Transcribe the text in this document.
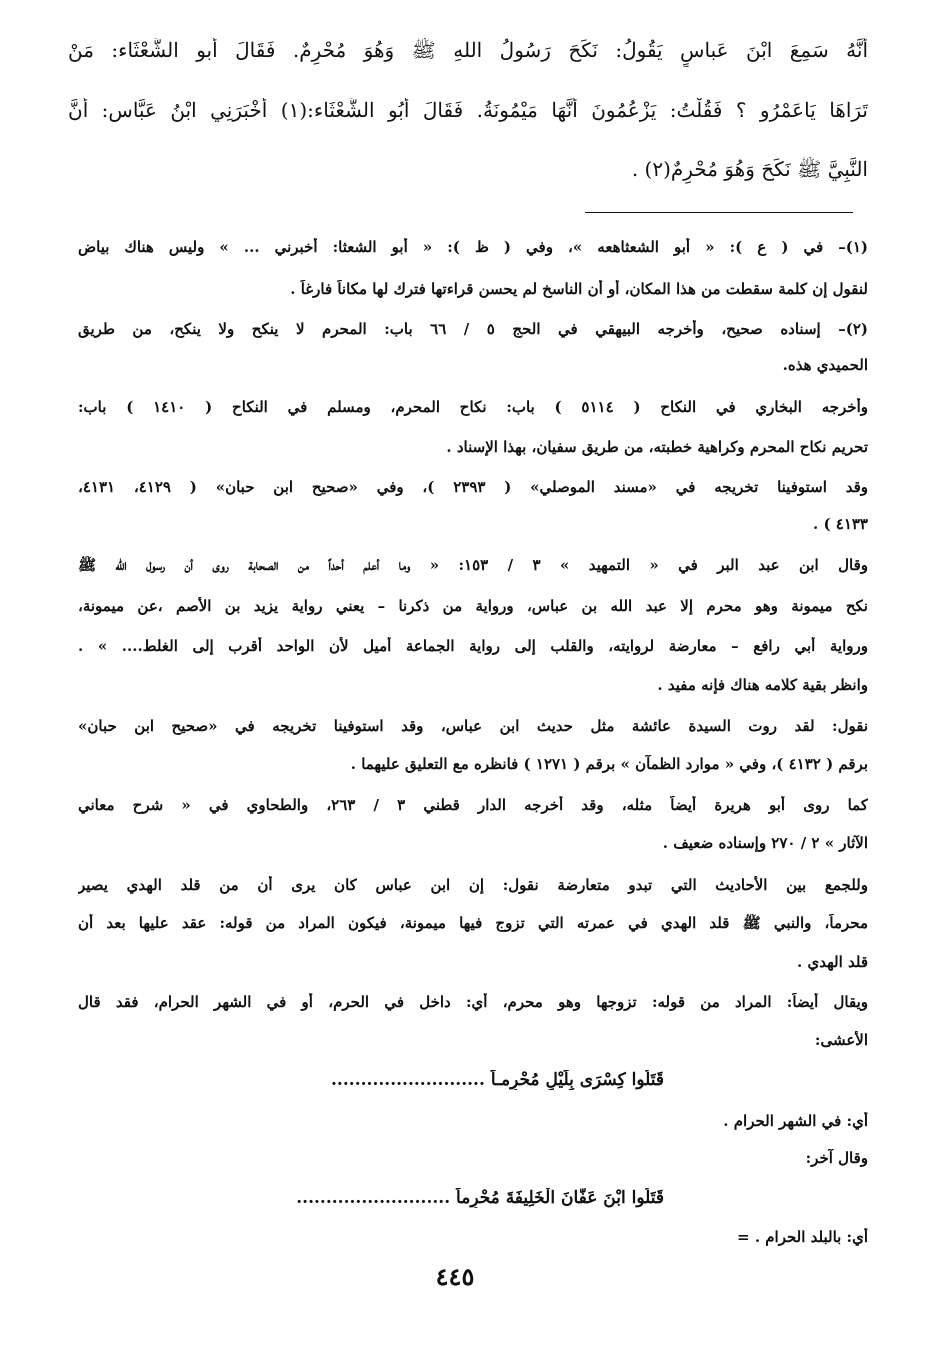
أَنَّهُ سَمِعَ ابْنَ عَباسٍ يَقُولُ: نَكَحَ رَسُولُ اللهِ ﷺ وَهُوَ مُحْرِمٌ. فَقَالَ أَبو الشَّعْثَاء: مَنْ
تَرَاهَا يَاعَمْرُو ؟ فَقُلْتُ: يَزْعُمُونَ أَنَّهَا مَيْمُونَةُ. فَقَالَ أَبُو الشَّعْثَاء:(١) أَخْبَرَنِي ابْنُ عَبَّاسٍ: أَنَّ
النَّبِيَّ ﷺ نَكَحَ وَهُوَ مُحْرِمٌ(٢) .
(١)– في ( ع ): « أبو الشعثاهعه »، وفي ( ظ ): « أبو الشعثا: أخبرني ... » وليس هناك بياض
لنقول إن كلمة سقطت من هذا المكان، أو أن الناسخ لم يحسن قراءتها فترك لها مكاناً فارغاً .
(٢)– إسناده صحيح، وأخرجه البيهقي في الحج ٥ / ٦٦ باب: المحرم لا ينكح ولا ينكح، من طريق
الحميدي هذه.
وأخرجه البخاري في النكاح ( ٥١١٤ ) باب: نكاح المحرم، ومسلم في النكاح ( ١٤١٠ ) باب:
تحريم نكاح المحرم وكراهية خطبته، من طريق سفيان، بهذا الإسناد .
وقد استوفينا تخريجه في «مسند الموصلي» ( ٢٣٩٣ )، وفي «صحيح ابن حبان» ( ٤١٢٩، ٤١٣١،
٤١٣٣ ) .
وقال ابن عبد البر في « التمهيد » ٣ / ١٥٣: « وما أعلم أحداً من الصحابة روى أن رسول الله ﷺ
نكح ميمونة وهو محرم إلا عبد الله بن عباس، ورواية من ذكرنا – يعني رواية يزيد بن الأصم ،عن ميمونة،
ورواية أبي رافع – معارضة لروايته، والقلب إلى رواية الجماعة أميل لأن الواحد أقرب إلى الغلط.... » .
وانظر بقية كلامه هناك فإنه مفيد .
نقول: لقد روت السيدة عائشة مثل حديث ابن عباس، وقد استوفينا تخريجه في «صحيح ابن حبان»
برقم ( ٤١٣٢ )، وفي « موارد الظمآن » برقم ( ١٢٧١ ) فانظره مع التعليق عليهما .
كما روى أبو هريرة أيضاً مثله، وقد أخرجه الدار قطني ٣ / ٢٦٣، والطحاوي في « شرح معاني
الآثار » ٢ / ٢٧٠ وإسناده ضعيف .
وللجمع بين الأحاديث التي تبدو متعارضة نقول: إن ابن عباس كان يرى أن من قلد الهدي يصير
محرماً، والنبي ﷺ قلد الهدي في عمرته التي تزوج فيها ميمونة، فيكون المراد من قوله: عقد عليها بعد أن
قلد الهدي .
ويقال أيضاً: المراد من قوله: تزوجها وهو محرم، أي: داخل في الحرم، أو في الشهر الحرام، فقد قال
الأعشى:
قَتَلُوا كِسْرَى بِلَيْلٍ مُحْرِمـاً ..........................
أي: في الشهر الحرام .
وقال آخر:
قَتَلُوا ابْنَ عَفَّانَ الْخَلِيفَةَ مُحْرِماً ..........................
أي: بالبلد الحرام . =
٤٤٥
